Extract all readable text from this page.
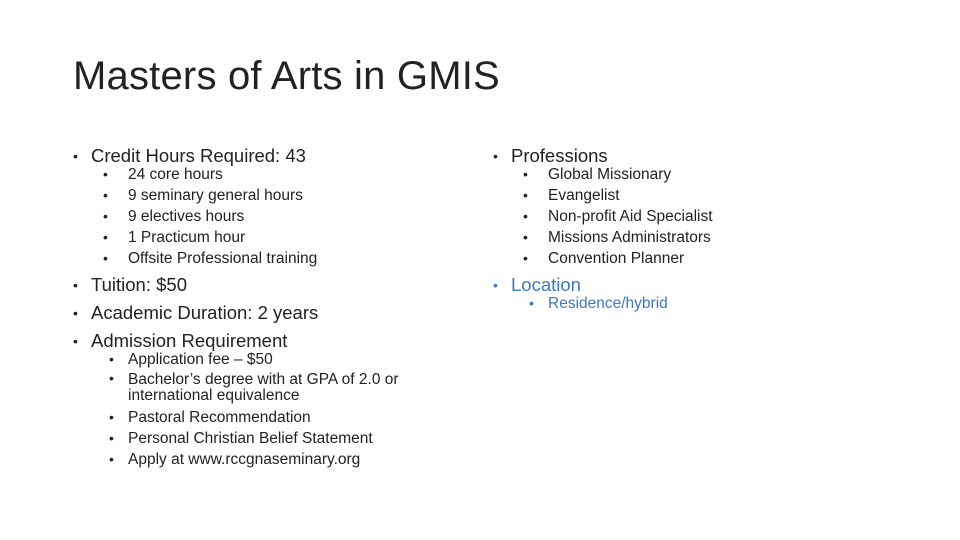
Masters of Arts in GMIS
• Credit Hours Required: 43
• 24 core hours
• 9 seminary general hours
• 9 electives hours
• 1 Practicum hour
• Offsite Professional training
• Tuition: $50
• Academic Duration: 2 years
• Admission Requirement
• Application fee – $50
• Bachelor’s degree with at GPA of 2.0 or international equivalence
• Pastoral Recommendation
• Personal Christian Belief Statement
• Apply at www.rccgnaseminary.org
• Professions
• Global Missionary
• Evangelist
• Non-profit Aid Specialist
• Missions Administrators
• Convention Planner
• Location
• Residence/hybrid
